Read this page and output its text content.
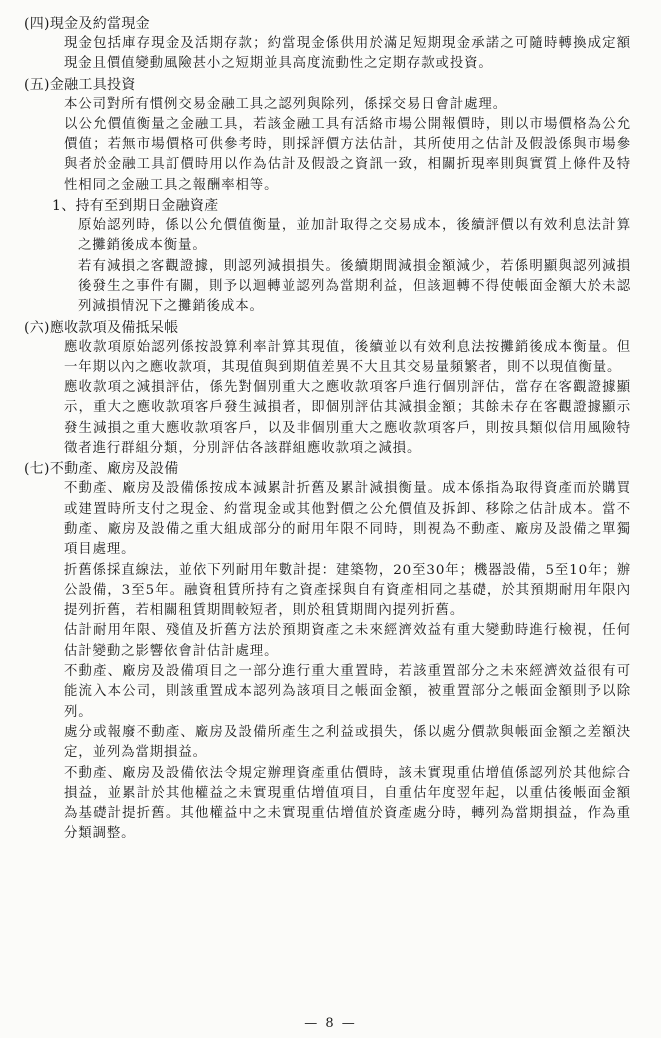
(四)現金及約當現金

現金包括庫存現金及活期存款；約當現金係供用於滿足短期現金承諾之可隨時轉換成定額現金且價值變動風險甚小之短期並具高度流動性之定期存款或投資。

(五)金融工具投資

本公司對所有慣例交易金融工具之認列與除列，係採交易日會計處理。

以公允價值衡量之金融工具，若該金融工具有活絡市場公開報價時，則以市場價格為公允價值；若無市場價格可供參考時，則採評價方法估計，其所使用之估計及假設係與市場參與者於金融工具訂價時用以作為估計及假設之資訊一致，相關折現率則與實質上條件及特性相同之金融工具之報酬率相等。

1、持有至到期日金融資產

原始認列時，係以公允價值衡量，並加計取得之交易成本，後續評價以有效利息法計算之攤銷後成本衡量。

若有減損之客觀證據，則認列減損損失。後續期間減損金額減少，若係明顯與認列減損後發生之事件有關，則予以迴轉並認列為當期利益，但該迴轉不得使帳面金額大於未認列減損情況下之攤銷後成本。

(六)應收款項及備抵呆帳

應收款項原始認列係按設算利率計算其現值，後續並以有效利息法按攤銷後成本衡量。但一年期以內之應收款項，其現值與到期值差異不大且其交易量頻繁者，則不以現值衡量。

應收款項之減損評估，係先對個別重大之應收款項客戶進行個別評估，當存在客觀證據顯示，重大之應收款項客戶發生減損者，即個別評估其減損金額；其餘未存在客觀證據顯示發生減損之重大應收款項客戶，以及非個別重大之應收款項客戶，則按具類似信用風險特徵者進行群組分類，分別評估各該群組應收款項之減損。

(七)不動產、廠房及設備

不動產、廠房及設備係按成本減累計折舊及累計減損衡量。成本係指為取得資產而於購買或建置時所支付之現金、約當現金或其他對價之公允價值及拆卸、移除之估計成本。當不動產、廠房及設備之重大組成部分的耐用年限不同時，則視為不動產、廠房及設備之單獨項目處理。

折舊係採直線法，並依下列耐用年數計提：建築物，20至30年；機器設備，5至10年；辦公設備，3至5年。融資租賃所持有之資產採與自有資產相同之基礎，於其預期耐用年限內提列折舊，若相關租賃期間較短者，則於租賃期間內提列折舊。

估計耐用年限、殘值及折舊方法於預期資產之未來經濟效益有重大變動時進行檢視，任何估計變動之影響依會計估計處理。

不動產、廠房及設備項目之一部分進行重大重置時，若該重置部分之未來經濟效益很有可能流入本公司，則該重置成本認列為該項目之帳面金額，被重置部分之帳面金額則予以除列。

處分或報廢不動產、廠房及設備所產生之利益或損失，係以處分價款與帳面金額之差額決定，並列為當期損益。

不動產、廠房及設備依法令規定辦理資產重估價時，該未實現重估增值係認列於其他綜合損益，並累計於其他權益之未實現重估增值項目，自重估年度翌年起，以重估後帳面金額為基礎計提折舊。其他權益中之未實現重估增值於資產處分時，轉列為當期損益，作為重分類調整。

— 8 —
